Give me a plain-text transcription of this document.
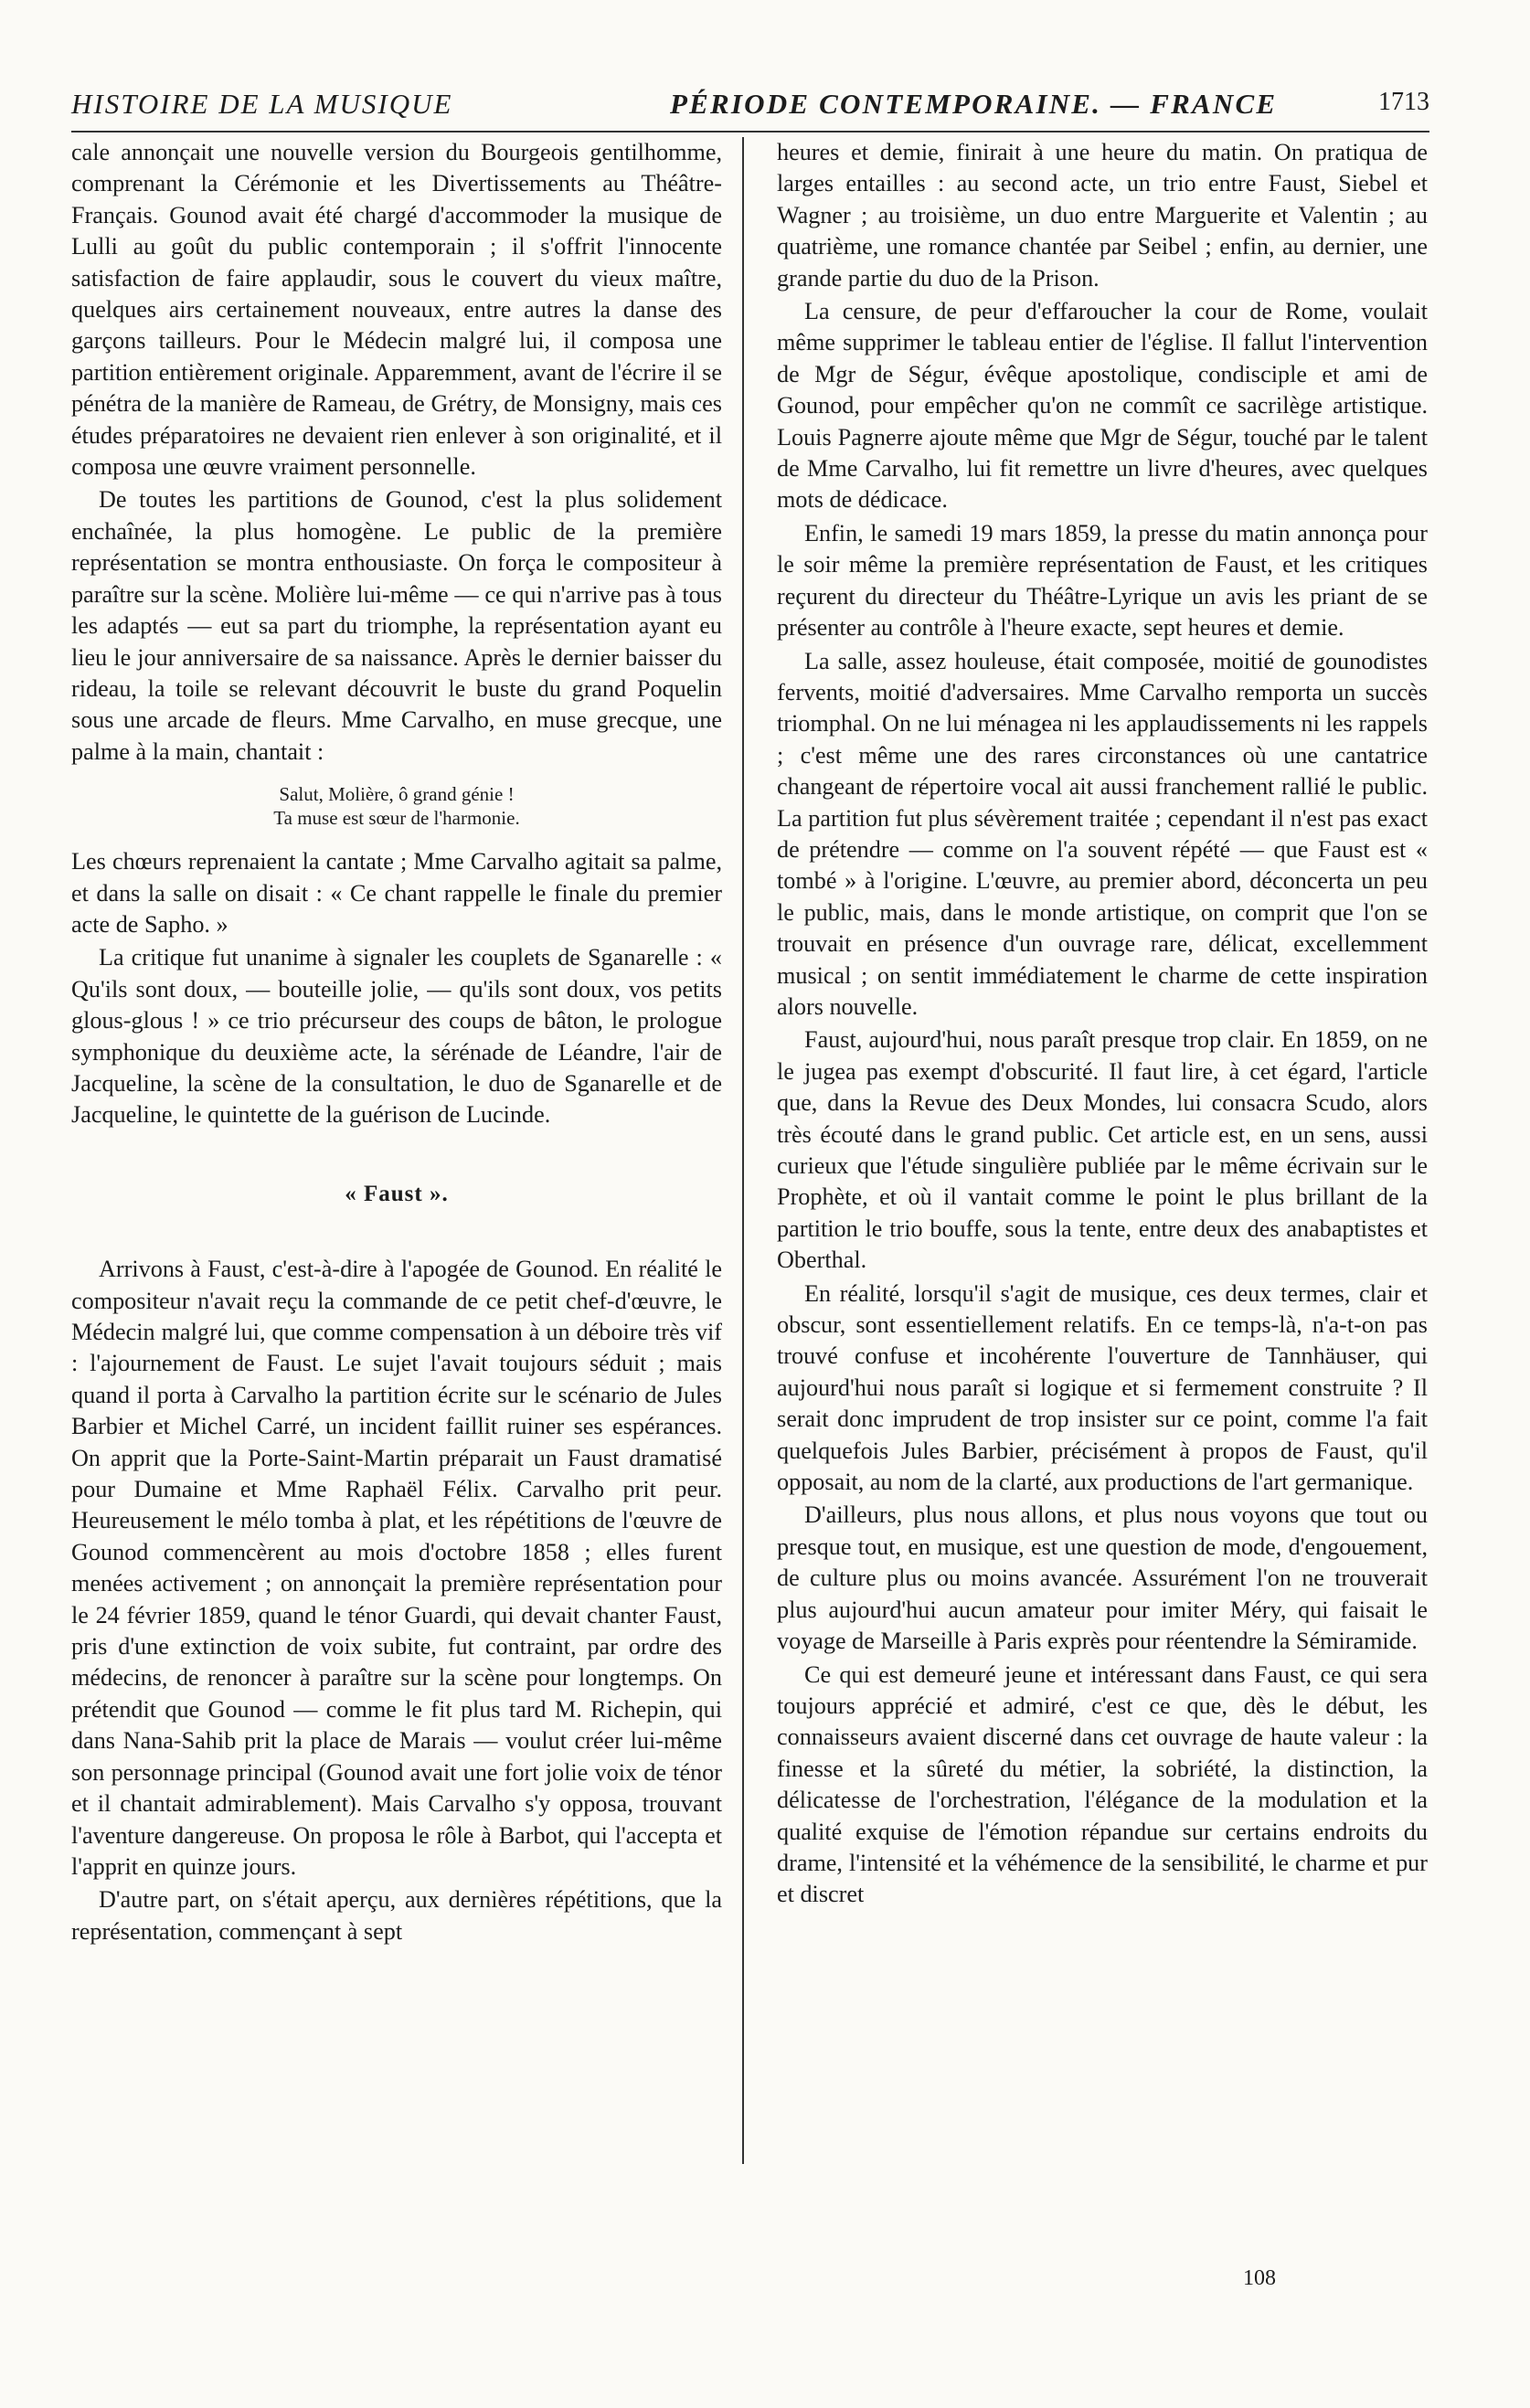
HISTOIRE DE LA MUSIQUE	PÉRIODE CONTEMPORAINE. — FRANCE	1713

cale annonçait une nouvelle version du Bourgeois gentilhomme, comprenant la Cérémonie et les Divertissements au Théâtre-Français. Gounod avait été chargé d'accommoder la musique de Lulli au goût du public contemporain ; il s'offrit l'innocente satisfaction de faire applaudir, sous le couvert du vieux maître, quelques airs certainement nouveaux, entre autres la danse des garçons tailleurs. Pour le Médecin malgré lui, il composa une partition entièrement originale. Apparemment, avant de l'écrire il se pénétra de la manière de Rameau, de Grétry, de Monsigny, mais ces études préparatoires ne devaient rien enlever à son originalité, et il composa une œuvre vraiment personnelle.

De toutes les partitions de Gounod, c'est la plus solidement enchaînée, la plus homogène. Le public de la première représentation se montra enthousiaste. On força le compositeur à paraître sur la scène. Molière lui-même — ce qui n'arrive pas à tous les adaptés — eut sa part du triomphe, la représentation ayant eu lieu le jour anniversaire de sa naissance. Après le dernier baisser du rideau, la toile se relevant découvrit le buste du grand Poquelin sous une arcade de fleurs. Mme Carvalho, en muse grecque, une palme à la main, chantait :

Salut, Molière, ô grand génie !
Ta muse est sœur de l'harmonie.

Les chœurs reprenaient la cantate ; Mme Carvalho agitait sa palme, et dans la salle on disait : « Ce chant rappelle le finale du premier acte de Sapho. »

La critique fut unanime à signaler les couplets de Sganarelle : « Qu'ils sont doux, — bouteille jolie, — qu'ils sont doux, vos petits glous-glous ! » ce trio précurseur des coups de bâton, le prologue symphonique du deuxième acte, la sérénade de Léandre, l'air de Jacqueline, la scène de la consultation, le duo de Sganarelle et de Jacqueline, le quintette de la guérison de Lucinde.

« Faust ».

Arrivons à Faust, c'est-à-dire à l'apogée de Gounod. En réalité le compositeur n'avait reçu la commande de ce petit chef-d'œuvre, le Médecin malgré lui, que comme compensation à un déboire très vif : l'ajournement de Faust. Le sujet l'avait toujours séduit ; mais quand il porta à Carvalho la partition écrite sur le scénario de Jules Barbier et Michel Carré, un incident faillit ruiner ses espérances. On apprit que la Porte-Saint-Martin préparait un Faust dramatisé pour Dumaine et Mme Raphaël Félix. Carvalho prit peur. Heureusement le mélo tomba à plat, et les répétitions de l'œuvre de Gounod commencèrent au mois d'octobre 1858 ; elles furent menées activement ; on annonçait la première représentation pour le 24 février 1859, quand le ténor Guardi, qui devait chanter Faust, pris d'une extinction de voix subite, fut contraint, par ordre des médecins, de renoncer à paraître sur la scène pour longtemps. On prétendit que Gounod — comme le fit plus tard M. Richepin, qui dans Nana-Sahib prit la place de Marais — voulut créer lui-même son personnage principal (Gounod avait une fort jolie voix de ténor et il chantait admirablement). Mais Carvalho s'y opposa, trouvant l'aventure dangereuse. On proposa le rôle à Barbot, qui l'accepta et l'apprit en quinze jours.

D'autre part, on s'était aperçu, aux dernières répétitions, que la représentation, commençant à sept

heures et demie, finirait à une heure du matin. On pratiqua de larges entailles : au second acte, un trio entre Faust, Siebel et Wagner ; au troisième, un duo entre Marguerite et Valentin ; au quatrième, une romance chantée par Seibel ; enfin, au dernier, une grande partie du duo de la Prison.

La censure, de peur d'effaroucher la cour de Rome, voulait même supprimer le tableau entier de l'église. Il fallut l'intervention de Mgr de Ségur, évêque apostolique, condisciple et ami de Gounod, pour empêcher qu'on ne commît ce sacrilège artistique. Louis Pagnerre ajoute même que Mgr de Ségur, touché par le talent de Mme Carvalho, lui fit remettre un livre d'heures, avec quelques mots de dédicace.

Enfin, le samedi 19 mars 1859, la presse du matin annonça pour le soir même la première représentation de Faust, et les critiques reçurent du directeur du Théâtre-Lyrique un avis les priant de se présenter au contrôle à l'heure exacte, sept heures et demie.

La salle, assez houleuse, était composée, moitié de gounodistes fervents, moitié d'adversaires. Mme Carvalho remporta un succès triomphal. On ne lui ménagea ni les applaudissements ni les rappels ; c'est même une des rares circonstances où une cantatrice changeant de répertoire vocal ait aussi franchement rallié le public. La partition fut plus sévèrement traitée ; cependant il n'est pas exact de prétendre — comme on l'a souvent répété — que Faust est « tombé » à l'origine. L'œuvre, au premier abord, déconcerta un peu le public, mais, dans le monde artistique, on comprit que l'on se trouvait en présence d'un ouvrage rare, délicat, excellemment musical ; on sentit immédiatement le charme de cette inspiration alors nouvelle.

Faust, aujourd'hui, nous paraît presque trop clair. En 1859, on ne le jugea pas exempt d'obscurité. Il faut lire, à cet égard, l'article que, dans la Revue des Deux Mondes, lui consacra Scudo, alors très écouté dans le grand public. Cet article est, en un sens, aussi curieux que l'étude singulière publiée par le même écrivain sur le Prophète, et où il vantait comme le point le plus brillant de la partition le trio bouffe, sous la tente, entre deux des anabaptistes et Oberthal.

En réalité, lorsqu'il s'agit de musique, ces deux termes, clair et obscur, sont essentiellement relatifs. En ce temps-là, n'a-t-on pas trouvé confuse et incohérente l'ouverture de Tannhäuser, qui aujourd'hui nous paraît si logique et si fermement construite ? Il serait donc imprudent de trop insister sur ce point, comme l'a fait quelquefois Jules Barbier, précisément à propos de Faust, qu'il opposait, au nom de la clarté, aux productions de l'art germanique.

D'ailleurs, plus nous allons, et plus nous voyons que tout ou presque tout, en musique, est une question de mode, d'engouement, de culture plus ou moins avancée. Assurément l'on ne trouverait plus aujourd'hui aucun amateur pour imiter Méry, qui faisait le voyage de Marseille à Paris exprès pour réentendre la Sémiramide.

Ce qui est demeuré jeune et intéressant dans Faust, ce qui sera toujours apprécié et admiré, c'est ce que, dès le début, les connaisseurs avaient discerné dans cet ouvrage de haute valeur : la finesse et la sûreté du métier, la sobriété, la distinction, la délicatesse de l'orchestration, l'élégance de la modulation et la qualité exquise de l'émotion répandue sur certains endroits du drame, l'intensité et la véhémence de la sensibilité, le charme et pur et discret

108
